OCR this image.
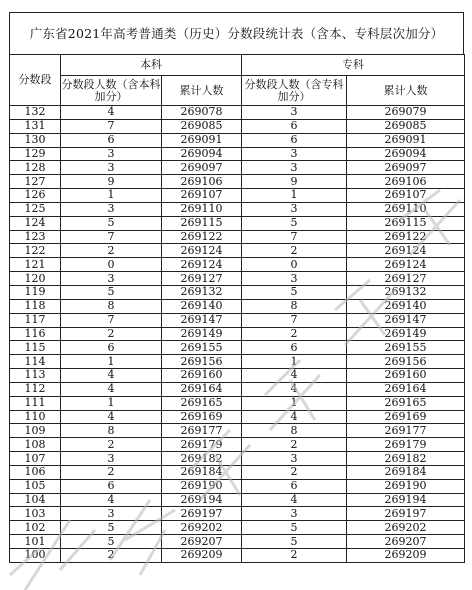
广东省2021年高考普通类（历史）分数段统计表（含本、专科层次加分）
分数段	本科		专科	
	分数段人数（含本科加分）	累计人数	分数段人数（含专科加分）	累计人数
132	4	269078	3	269079
131	7	269085	6	269085
130	6	269091	6	269091
129	3	269094	3	269094
128	3	269097	3	269097
127	9	269106	9	269106
126	1	269107	1	269107
125	3	269110	3	269110
124	5	269115	5	269115
123	7	269122	7	269122
122	2	269124	2	269124
121	0	269124	0	269124
120	3	269127	3	269127
119	5	269132	5	269132
118	8	269140	8	269140
117	7	269147	7	269147
116	2	269149	2	269149
115	6	269155	6	269155
114	1	269156	1	269156
113	4	269160	4	269160
112	4	269164	4	269164
111	1	269165	1	269165
110	4	269169	4	269169
109	8	269177	8	269177
108	2	269179	2	269179
107	3	269182	3	269182
106	2	269184	2	269184
105	6	269190	6	269190
104	4	269194	4	269194
103	3	269197	3	269197
102	5	269202	5	269202
101	5	269207	5	269207
100	2	269209	2	269209
